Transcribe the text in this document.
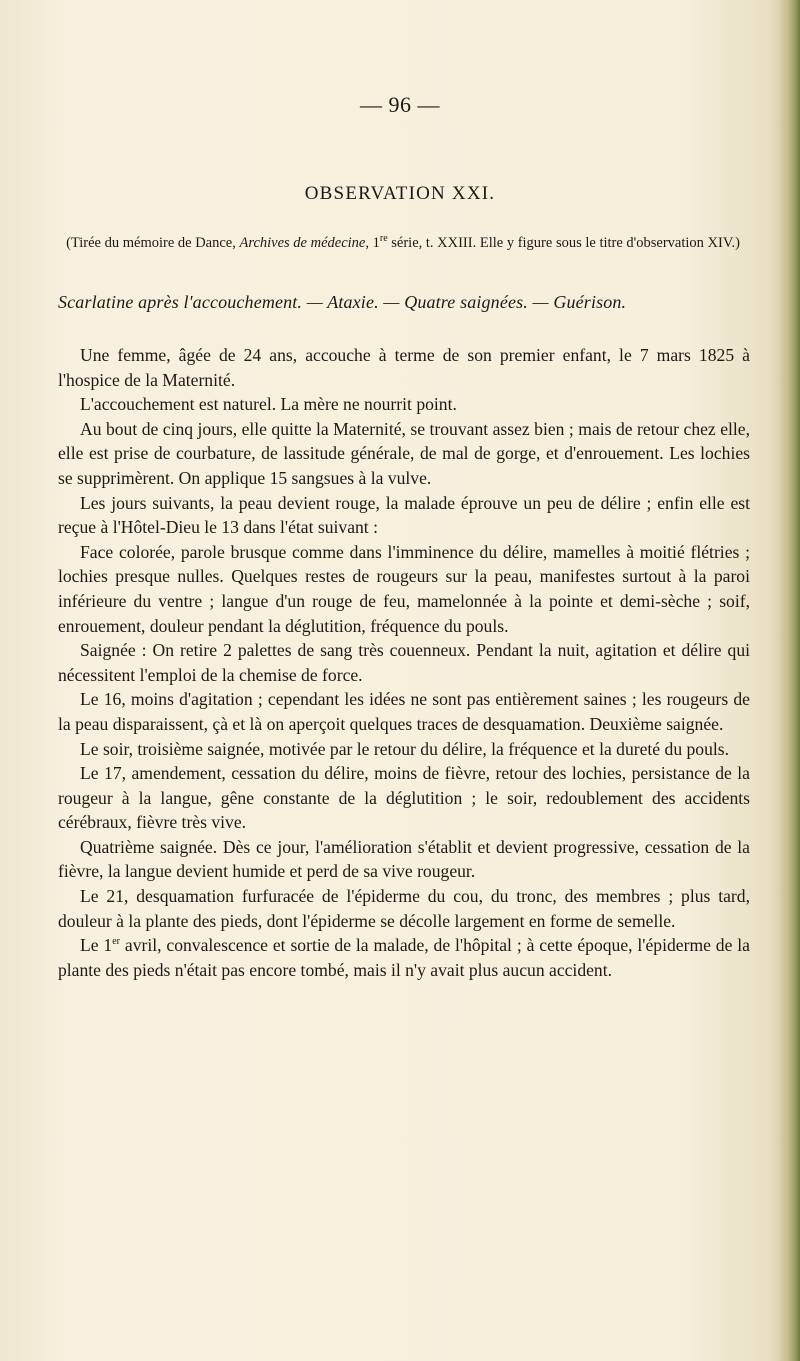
— 96 —
OBSERVATION XXI.
(Tirée du mémoire de Dance, Archives de médecine, 1re série, t. XXIII. Elle y figure sous le titre d'observation XIV.)
Scarlatine après l'accouchement. — Ataxie. — Quatre saignées. — Guérison.

Une femme, âgée de 24 ans, accouche à terme de son premier enfant, le 7 mars 1825 à l'hospice de la Maternité.

L'accouchement est naturel. La mère ne nourrit point.

Au bout de cinq jours, elle quitte la Maternité, se trouvant assez bien ; mais de retour chez elle, elle est prise de courbature, de lassitude générale, de mal de gorge, et d'enrouement. Les lochies se supprimèrent. On applique 15 sangsues à la vulve.

Les jours suivants, la peau devient rouge, la malade éprouve un peu de délire ; enfin elle est reçue à l'Hôtel-Dieu le 13 dans l'état suivant :

Face colorée, parole brusque comme dans l'imminence du délire, mamelles à moitié flétries ; lochies presque nulles. Quelques restes de rougeurs sur la peau, manifestes surtout à la paroi inférieure du ventre ; langue d'un rouge de feu, mamelonnée à la pointe et demi-sèche ; soif, enrouement, douleur pendant la déglutition, fréquence du pouls.

Saignée : On retire 2 palettes de sang très couenneux. Pendant la nuit, agitation et délire qui nécessitent l'emploi de la chemise de force.

Le 16, moins d'agitation ; cependant les idées ne sont pas entièrement saines ; les rougeurs de la peau disparaissent, çà et là on aperçoit quelques traces de desquamation. Deuxième saignée.

Le soir, troisième saignée, motivée par le retour du délire, la fréquence et la dureté du pouls.

Le 17, amendement, cessation du délire, moins de fièvre, retour des lochies, persistance de la rougeur à la langue, gêne constante de la déglutition ; le soir, redoublement des accidents cérébraux, fièvre très vive.

Quatrième saignée. Dès ce jour, l'amélioration s'établit et devient progressive, cessation de la fièvre, la langue devient humide et perd de sa vive rougeur.

Le 21, desquamation furfuracée de l'épiderme du cou, du tronc, des membres ; plus tard, douleur à la plante des pieds, dont l'épiderme se décolle largement en forme de semelle.

Le 1er avril, convalescence et sortie de la malade, de l'hôpital ; à cette époque, l'épiderme de la plante des pieds n'était pas encore tombé, mais il n'y avait plus aucun accident.
